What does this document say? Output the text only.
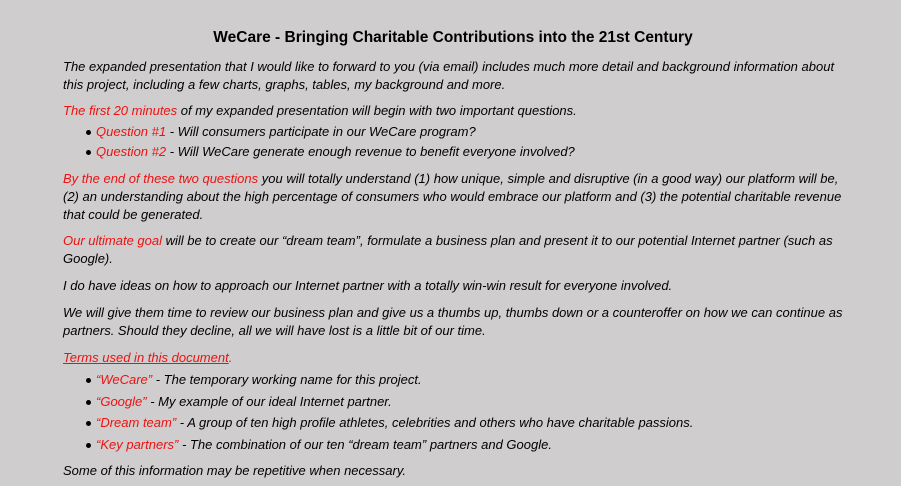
WeCare - Bringing Charitable Contributions into the 21st Century

The expanded presentation that I would like to forward to you (via email) includes much more detail and background information about this project, including a few charts, graphs, tables, my background and more.

The first 20 minutes of my expanded presentation will begin with two important questions.

Question #1 - Will consumers participate in our WeCare program?
Question #2 - Will WeCare generate enough revenue to benefit everyone involved?

By the end of these two questions you will totally understand (1) how unique, simple and disruptive (in a good way) our platform will be, (2) an understanding about the high percentage of consumers who would embrace our platform and (3) the potential charitable revenue that could be generated.

Our ultimate goal will be to create our “dream team”, formulate a business plan and present it to our potential Internet partner (such as Google).

I do have ideas on how to approach our Internet partner with a totally win-win result for everyone involved.

We will give them time to review our business plan and give us a thumbs up, thumbs down or a counteroffer on how we can continue as partners. Should they decline, all we will have lost is a little bit of our time.

Terms used in this document.

“WeCare” - The temporary working name for this project.
“Google” - My example of our ideal Internet partner.
“Dream team” - A group of ten high profile athletes, celebrities and others who have charitable passions.
“Key partners” - The combination of our ten “dream team” partners and Google.

Some of this information may be repetitive when necessary.
